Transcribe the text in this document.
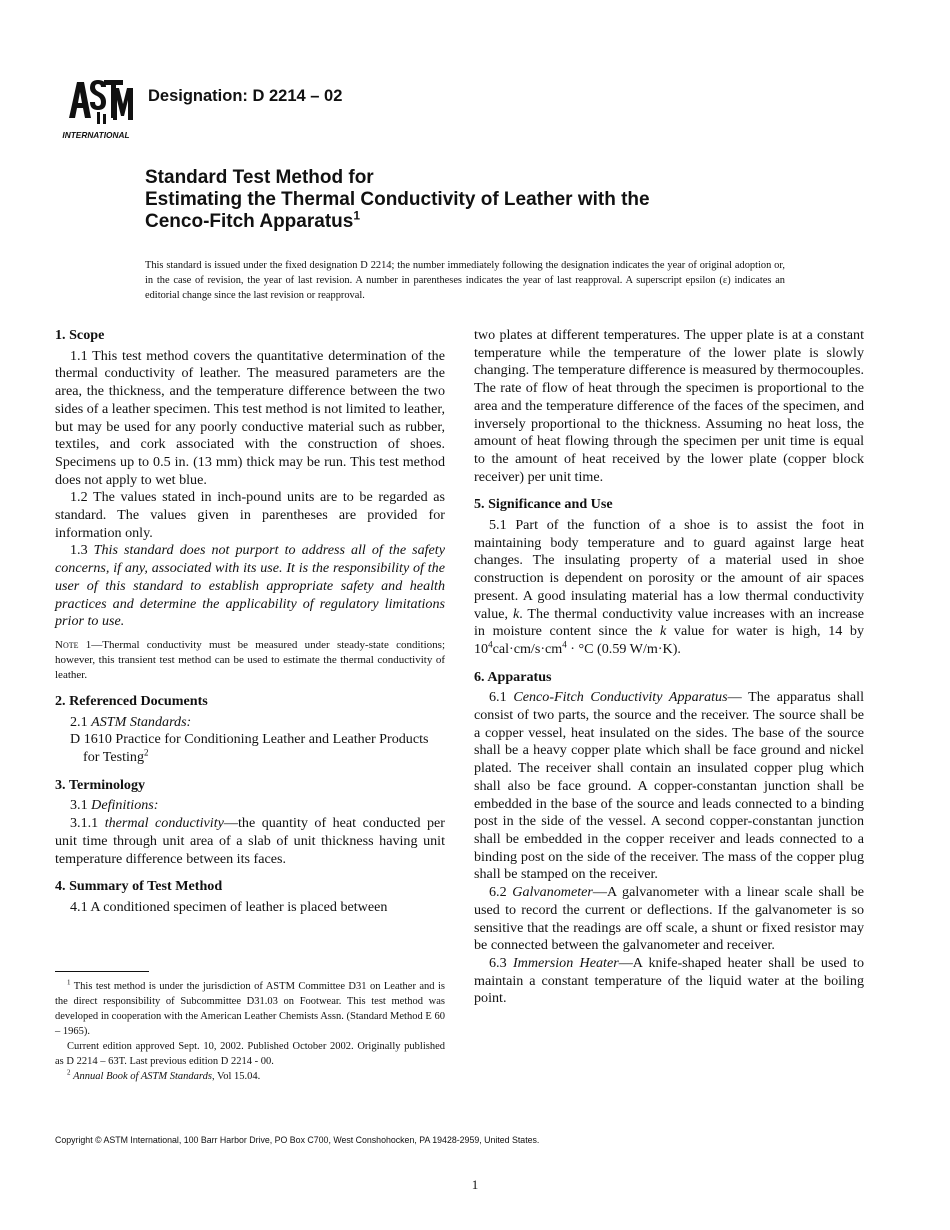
INTERNATIONAL
Designation: D 2214 – 02
Standard Test Method for
Estimating the Thermal Conductivity of Leather with the
Cenco-Fitch Apparatus$^1$
This standard is issued under the fixed designation D 2214; the number immediately following the designation indicates the year of original adoption or, in the case of revision, the year of last revision. A number in parentheses indicates the year of last reapproval. A superscript epsilon (ε) indicates an editorial change since the last revision or reapproval.

1. Scope

1.1 This test method covers the quantitative determination of the thermal conductivity of leather. The measured parameters are the area, the thickness, and the temperature difference between the two sides of a leather specimen. This test method is not limited to leather, but may be used for any poorly conductive material such as rubber, textiles, and cork associated with the construction of shoes. Specimens up to 0.5 in. (13 mm) thick may be run. This test method does not apply to wet blue.

1.2 The values stated in inch-pound units are to be regarded as standard. The values given in parentheses are provided for information only.

1.3 This standard does not purport to address all of the safety concerns, if any, associated with its use. It is the responsibility of the user of this standard to establish appropriate safety and health practices and determine the applicability of regulatory limitations prior to use.

Note 1—Thermal conductivity must be measured under steady-state conditions; however, this transient test method can be used to estimate the thermal conductivity of leather.

2. Referenced Documents

2.1 ASTM Standards:

D 1610 Practice for Conditioning Leather and Leather Products for Testing$^2$

3. Terminology

3.1 Definitions:

3.1.1 thermal conductivity—the quantity of heat conducted per unit time through unit area of a slab of unit thickness having unit temperature difference between its faces.

4. Summary of Test Method

4.1 A conditioned specimen of leather is placed between

$^1$ This test method is under the jurisdiction of ASTM Committee D31 on Leather and is the direct responsibility of Subcommittee D31.03 on Footwear. This test method was developed in cooperation with the American Leather Chemists Assn. (Standard Method E 60 – 1965).

Current edition approved Sept. 10, 2002. Published October 2002. Originally published as D 2214 – 63T. Last previous edition D 2214 - 00.

$^2$ Annual Book of ASTM Standards, Vol 15.04.

two plates at different temperatures. The upper plate is at a constant temperature while the temperature of the lower plate is slowly changing. The temperature difference is measured by thermocouples. The rate of flow of heat through the specimen is proportional to the area and the temperature difference of the faces of the specimen, and inversely proportional to the thickness. Assuming no heat loss, the amount of heat flowing through the specimen per unit time is equal to the amount of heat received by the lower plate (copper block receiver) per unit time.

5. Significance and Use

5.1 Part of the function of a shoe is to assist the foot in maintaining body temperature and to guard against large heat changes. The insulating property of a material used in shoe construction is dependent on porosity or the amount of air spaces present. A good insulating material has a low thermal conductivity value, k. The thermal conductivity value increases with an increase in moisture content since the k value for water is high, 14 by $10^4cal\cdot cm/s\cdot cm^4 \cdot ^\circ C$ (0.59 W/m·K).

6. Apparatus

6.1 Cenco-Fitch Conductivity Apparatus— The apparatus shall consist of two parts, the source and the receiver. The source shall be a copper vessel, heat insulated on the sides. The base of the source shall be a heavy copper plate which shall be face ground and nickel plated. The receiver shall contain an insulated copper plug which shall also be face ground. A copper-constantan junction shall be embedded in the base of the source and leads connected to a binding post in the side of the vessel. A second copper-constantan junction shall be embedded in the copper receiver and leads connected to a binding post on the side of the receiver. The mass of the copper plug shall be stamped on the receiver.

6.2 Galvanometer—A galvanometer with a linear scale shall be used to record the current or deflections. If the galvanometer is so sensitive that the readings are off scale, a shunt or fixed resistor may be connected between the galvanometer and receiver.

6.3 Immersion Heater—A knife-shaped heater shall be used to maintain a constant temperature of the liquid water at the boiling point.

Copyright © ASTM International, 100 Barr Harbor Drive, PO Box C700, West Conshohocken, PA 19428-2959, United States.
1
